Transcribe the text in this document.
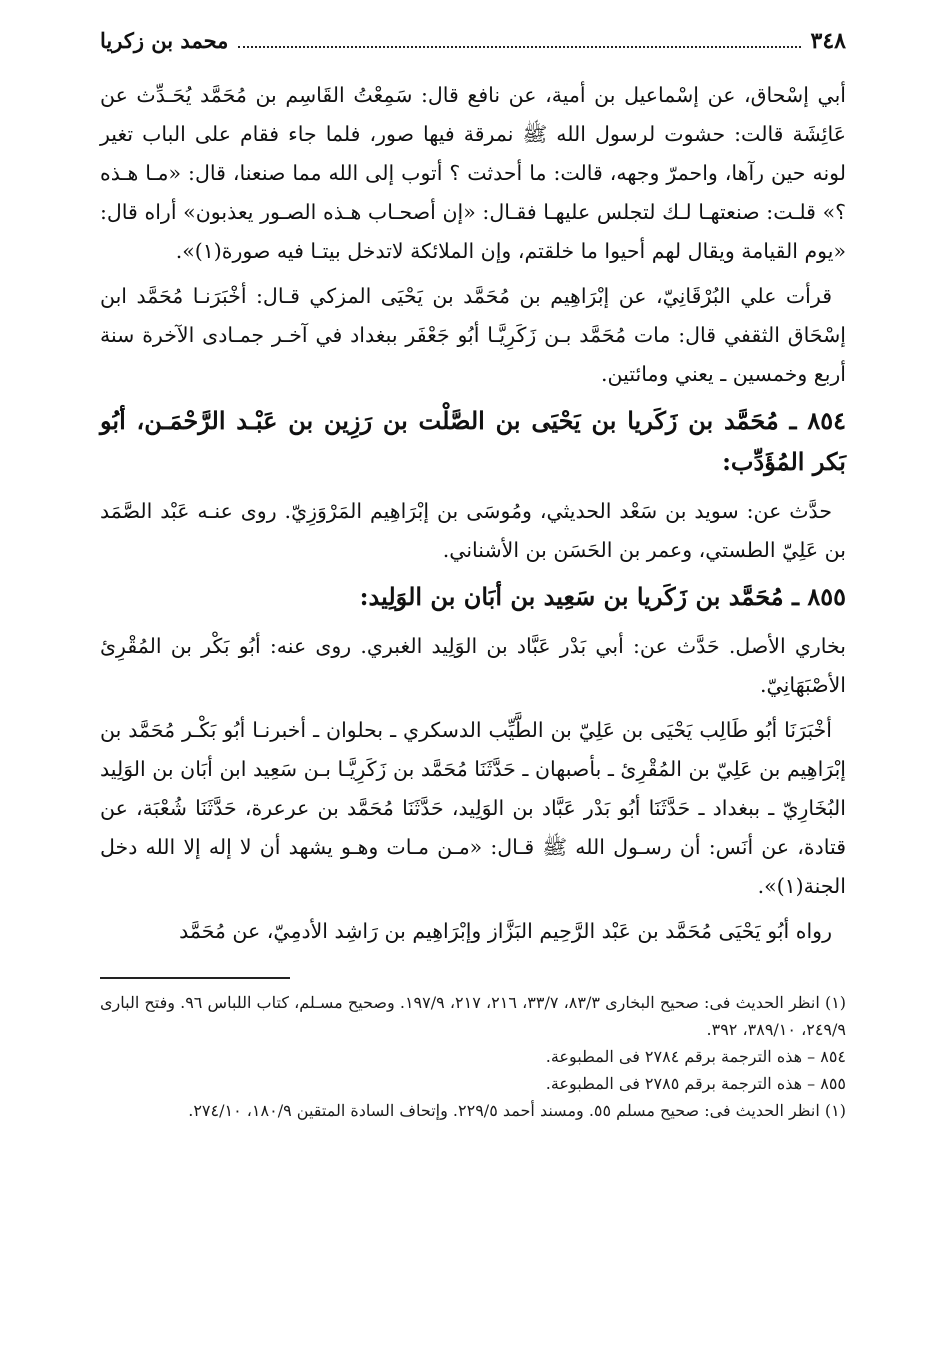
٣٤٨
محمد بن زكريا

أبي إسْحاق، عن إسْماعيل بن أمية، عن نافع قال: سَمِعْتُ القَاسِم بن مُحَمَّد يُحَـدِّث عن عَائِشَة قالت: حشوت لرسول الله ﷺ نمرقة فيها صور، فلما جاء فقام على الباب تغير لونه حين رآها، واحمرّ وجهه، قالت: ما أحدثت ؟ أتوب إلى الله مما صنعنا، قال: «مـا هـذه ؟» قلـت: صنعتهـا لـك لتجلس عليهـا فقـال: «إن أصحـاب هـذه الصـور يعذبون» أراه قال: «يوم القيامة ويقال لهم أحيوا ما خلقتم، وإن الملائكة لاتدخل بيتـا فيه صورة(١)».

قرأت علي البُرْقَانِيّ، عن إبْرَاهِيم بن مُحَمَّد بن يَحْيَى المزكي قـال: أخْبَرَنـا مُحَمَّد ابن إسْحَاق الثقفي قال: مات مُحَمَّد بـن زَكَرِيَّـا أبُو جَعْفَر ببغداد في آخـر جمـادى الآخرة سنة أربع وخمسين ـ يعني ومائتين.

٨٥٤ ـ مُحَمَّد بن زَكَريا بن يَحْيَى بن الصَّلْت بن رَزِين بن عَبْـد الرَّحْمَـن، أبُو بَكر المُؤَدِّب:

حدَّث عن: سويد بن سَعْد الحديثي، ومُوسَى بن إبْرَاهِيم المَرْوَزِيّ. روى عنـه عَبْد الصَّمَد بن عَلِيّ الطستي، وعمر بن الحَسَن بن الأشناني.

٨٥٥ ـ مُحَمَّد بن زَكَريا بن سَعِيد بن أبَان بن الوَلِيد:

بخاري الأصل. حَدَّث عن: أبي بَدْر عَبَّاد بن الوَلِيد الغبري. روى عنه: أبُو بَكْر بن المُقْرِئ الأصْبَهَانِيّ.

أخْبَرَنَا أبُو طَالِب يَحْيَى بن عَلِيّ بن الطَّيِّب الدسكري ـ بحلوان ـ أخبرنـا أبُو بَكْـر مُحَمَّد بن إبْرَاهِيم بن عَلِيّ بن المُقْرِئ ـ بأصبهان ـ حَدَّثَنَا مُحَمَّد بن زَكَرِيَّـا بـن سَعِيد ابن أبَان بن الوَلِيد البُخَارِيّ ـ ببغداد ـ حَدَّثَنَا أبُو بَدْر عَبَّاد بن الوَلِيد، حَدَّثَنَا مُحَمَّد بن عرعرة، حَدَّثَنَا شُعْبَة، عن قتادة، عن أنَس: أن رسـول الله ﷺ قـال: «مـن مـات وهـو يشهد أن لا إله إلا الله دخل الجنة(١)».

رواه أبُو يَحْيَى مُحَمَّد بن عَبْد الرَّحِيم البَزَّاز وإبْرَاهِيم بن رَاشِد الأدمِيّ، عن مُحَمَّد

(١) انظر الحديث فى: صحيح البخارى ٨٣/٣، ٣٣/٧، ٢١٦، ٢١٧، ١٩٧/٩. وصحيح مسـلم، كتاب اللباس ٩٦. وفتح البارى ٢٤٩/٩، ٣٨٩/١٠، ٣٩٢.

٨٥٤ – هذه الترجمة برقم ٢٧٨٤ فى المطبوعة.

٨٥٥ – هذه الترجمة برقم ٢٧٨٥ فى المطبوعة.

(١) انظر الحديث فى: صحيح مسلم ٥٥. ومسند أحمد ٢٢٩/٥. وإتحاف السادة المتقين ١٨٠/٩، ٢٧٤/١٠.
